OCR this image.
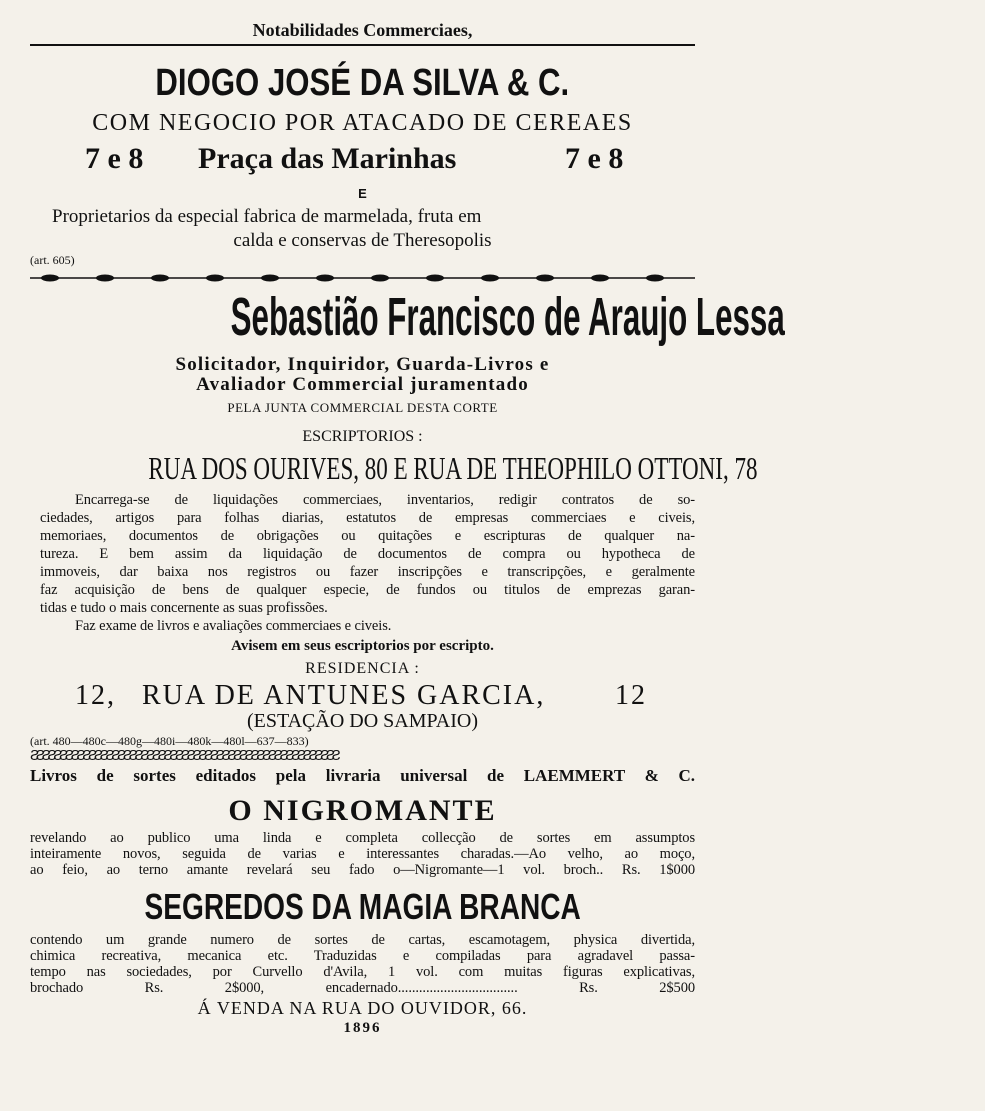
Notabilidades Commerciaes,
DIOGO JOSÉ DA SILVA & C.
COM NEGOCIO POR ATACADO DE CEREAES
7 e 8 Praça das Marinhas	7 e 8
E
Proprietarios da especial fabrica de marmelada, fruta em
calda e conservas de Theresopolis
(art. 605)
Sebastião Francisco de Araujo Lessa
Solicitador, Inquiridor, Guarda-Livros e
Avaliador Commercial juramentado
PELA JUNTA COMMERCIAL DESTA CORTE
ESCRIPTORIOS :
RUA DOS OURIVES, 80 E RUA DE THEOPHILO OTTONI, 78
Encarrega-se de liquidações commerciaes, inventarios, redigir contratos de so-
ciedades, artigos para folhas diarias, estatutos de empresas commerciaes e civeis,
memoriaes, documentos de obrigações ou quitações e escripturas de qualquer na-
tureza. E bem assim da liquidação de documentos de compra ou hypotheca de
immoveis, dar baixa nos registros ou fazer inscripções e transcripções, e geralmente
faz acquisição de bens de qualquer especie, de fundos ou titulos de emprezas garan-
tidas e tudo o mais concernente as suas profissões.
Faz exame de livros e avaliações commerciaes e civeis.
Avisem em seus escriptorios por escripto.
RESIDENCIA :
12, RUA DE ANTUNES GARCIA, 12
(ESTAÇÃO DO SAMPAIO)
(art. 480—480c—480g—480i—480k—480l—637—833)
ƧƧƧƧƧƧƧƧƧƧƧƧƧƧƧƧƧƧƧƧƧƧƧƧƧƧƧƧƧƧƧƧƧƧƧƧƧƧƧƧƧƧƧƧƧƧƧƧƧƧƧƧƧ
Livros de sortes editados pela livraria universal de LAEMMERT & C.
O NIGROMANTE
revelando ao publico uma linda e completa collecção de sortes em assumptos
inteiramente novos, seguida de varias e interessantes charadas.—Ao velho, ao moço,
ao feio, ao terno amante revelará seu fado o—Nigromante—1 vol. broch.. Rs. 1$000
SEGREDOS DA MAGIA BRANCA
contendo um grande numero de sortes de cartas, escamotagem, physica divertida,
chimica recreativa, mecanica etc. Traduzidas e compiladas para agradavel passa-
tempo nas sociedades, por Curvello d'Avila, 1 vol. com muitas figuras explicativas,
brochado Rs. 2$000, encadernado.................................. Rs. 2$500
Á VENDA NA RUA DO OUVIDOR, 66.
1896
